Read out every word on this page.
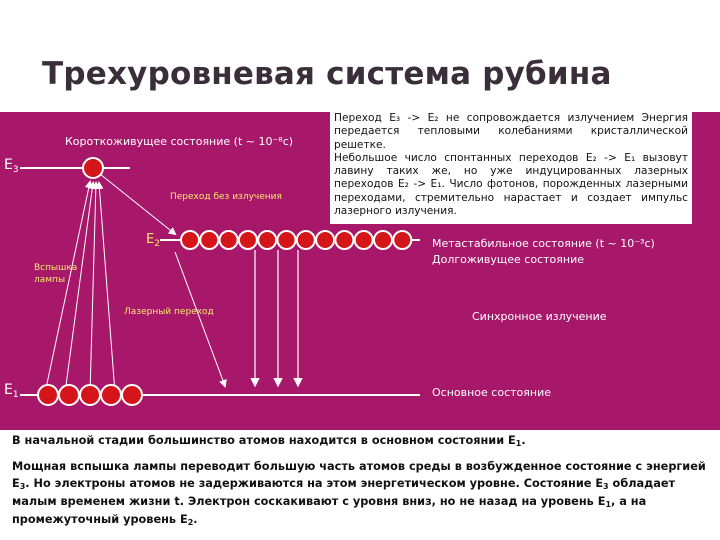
Трехуровневая система рубина
$E_3$
$E_2$
$E_1$
Короткоживущее состояние (t ~ 10⁻⁸c)
Переход без излучения
Вспышка
лампы
Лазерный переход
Метастабильное состояние (t ~ 10⁻³c)
Долгоживущее состояние
Синхронное излучение
Основное состояние

Переход E₃ -> E₂ не сопровождается излучением Энергия передается тепловыми колебаниями кристаллической решетке.

Небольшое число спонтанных переходов E₂ -> E₁ вызовут лавину таких же, но уже индуцированных лазерных переходов E₂ -> E₁. Число фотонов, порожденных лазерными переходами, стремительно нарастает и создает импульс лазерного излучения.

В начальной стадии большинство атомов находится в основном состоянии E1.

Мощная вспышка лампы переводит большую часть атомов среды в возбужденное состояние с энергией E3. Но электроны атомов не задерживаются на этом энергетическом уровне. Состояние E3 обладает малым временем жизни t. Электрон соскакивают с уровня вниз, но не назад на уровень E1, а на промежуточный уровень E2.
